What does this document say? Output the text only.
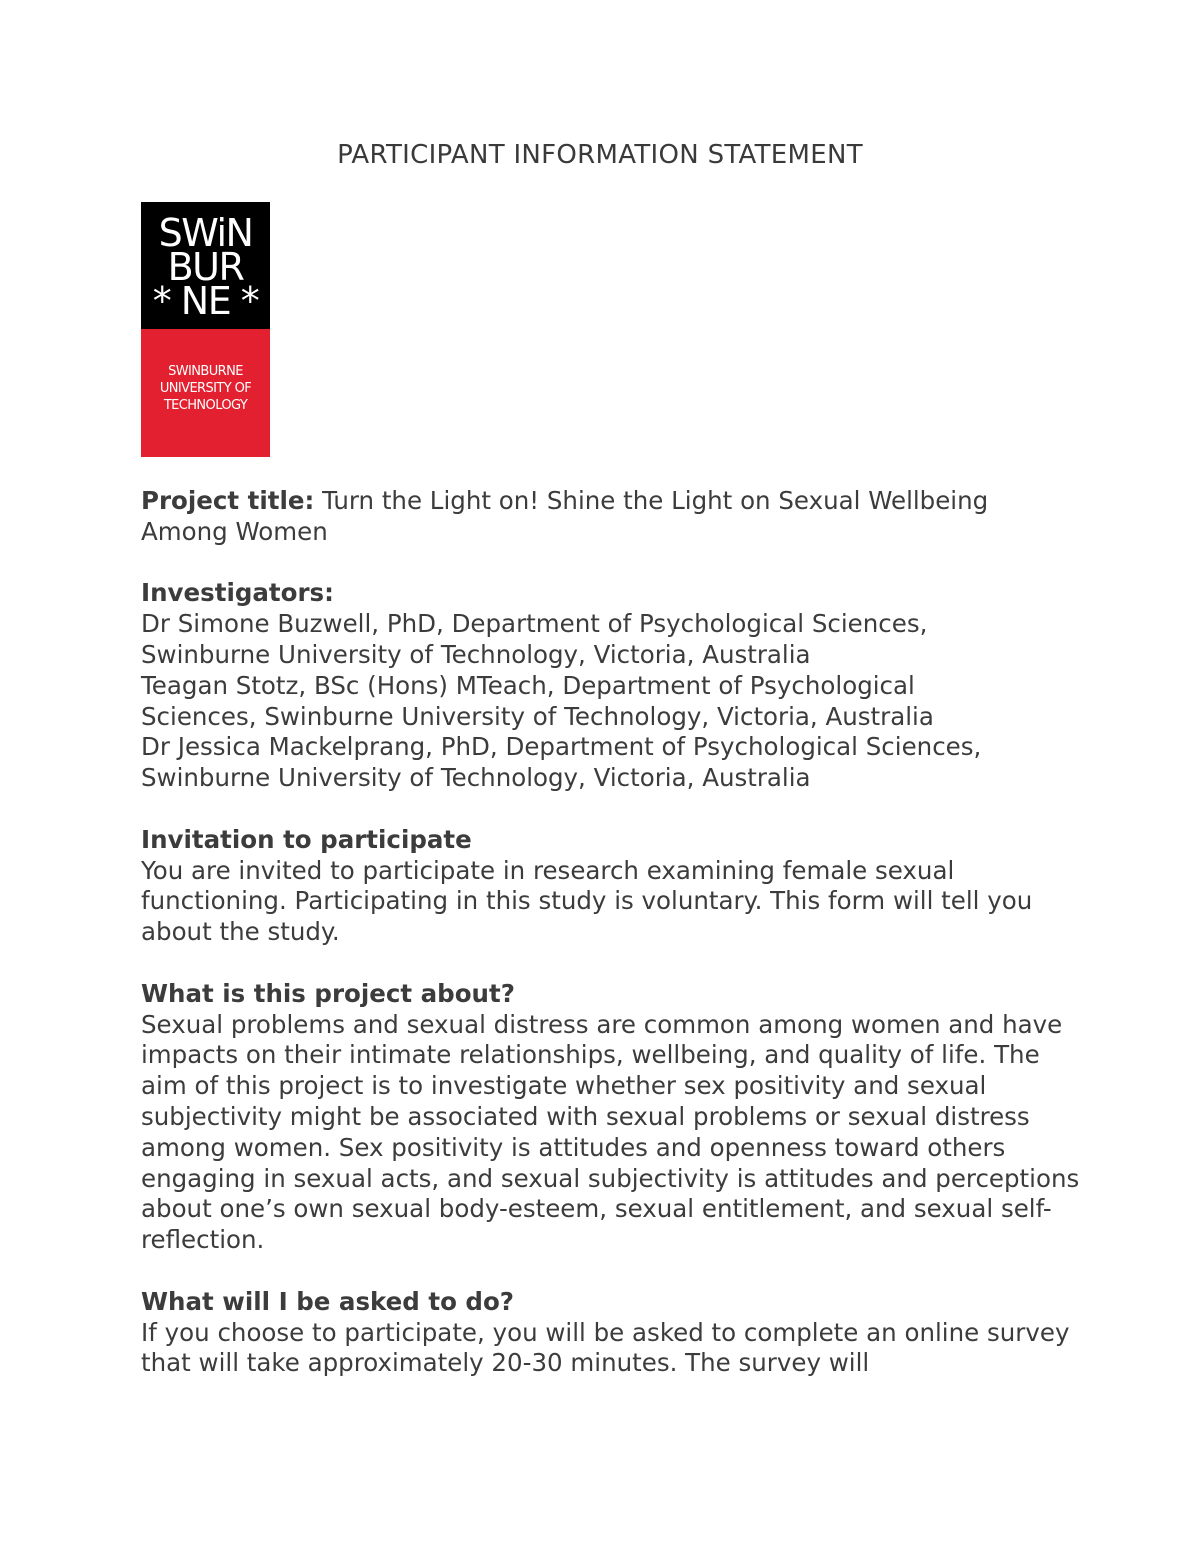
PARTICIPANT INFORMATION STATEMENT
SWiN
BUR
* NE *
SWINBURNE
UNIVERSITY OF
TECHNOLOGY

Project title: Turn the Light on! Shine the Light on Sexual Wellbeing Among Women

Investigators:

Dr Simone Buzwell, PhD, Department of Psychological Sciences,

Swinburne University of Technology, Victoria, Australia

Teagan Stotz, BSc (Hons) MTeach, Department of Psychological

Sciences, Swinburne University of Technology, Victoria, Australia

Dr Jessica Mackelprang, PhD, Department of Psychological Sciences,

Swinburne University of Technology, Victoria, Australia

Invitation to participate

You are invited to participate in research examining female sexual functioning. Participating in this study is voluntary. This form will tell you about the study.

What is this project about?

Sexual problems and sexual distress are common among women and have impacts on their intimate relationships, wellbeing, and quality of life. The aim of this project is to investigate whether sex positivity and sexual subjectivity might be associated with sexual problems or sexual distress among women. Sex positivity is attitudes and openness toward others engaging in sexual acts, and sexual subjectivity is attitudes and perceptions about one’s own sexual body-esteem, sexual entitlement, and sexual self-reflection.

What will I be asked to do?

If you choose to participate, you will be asked to complete an online survey that will take approximately 20-30 minutes. The survey will
